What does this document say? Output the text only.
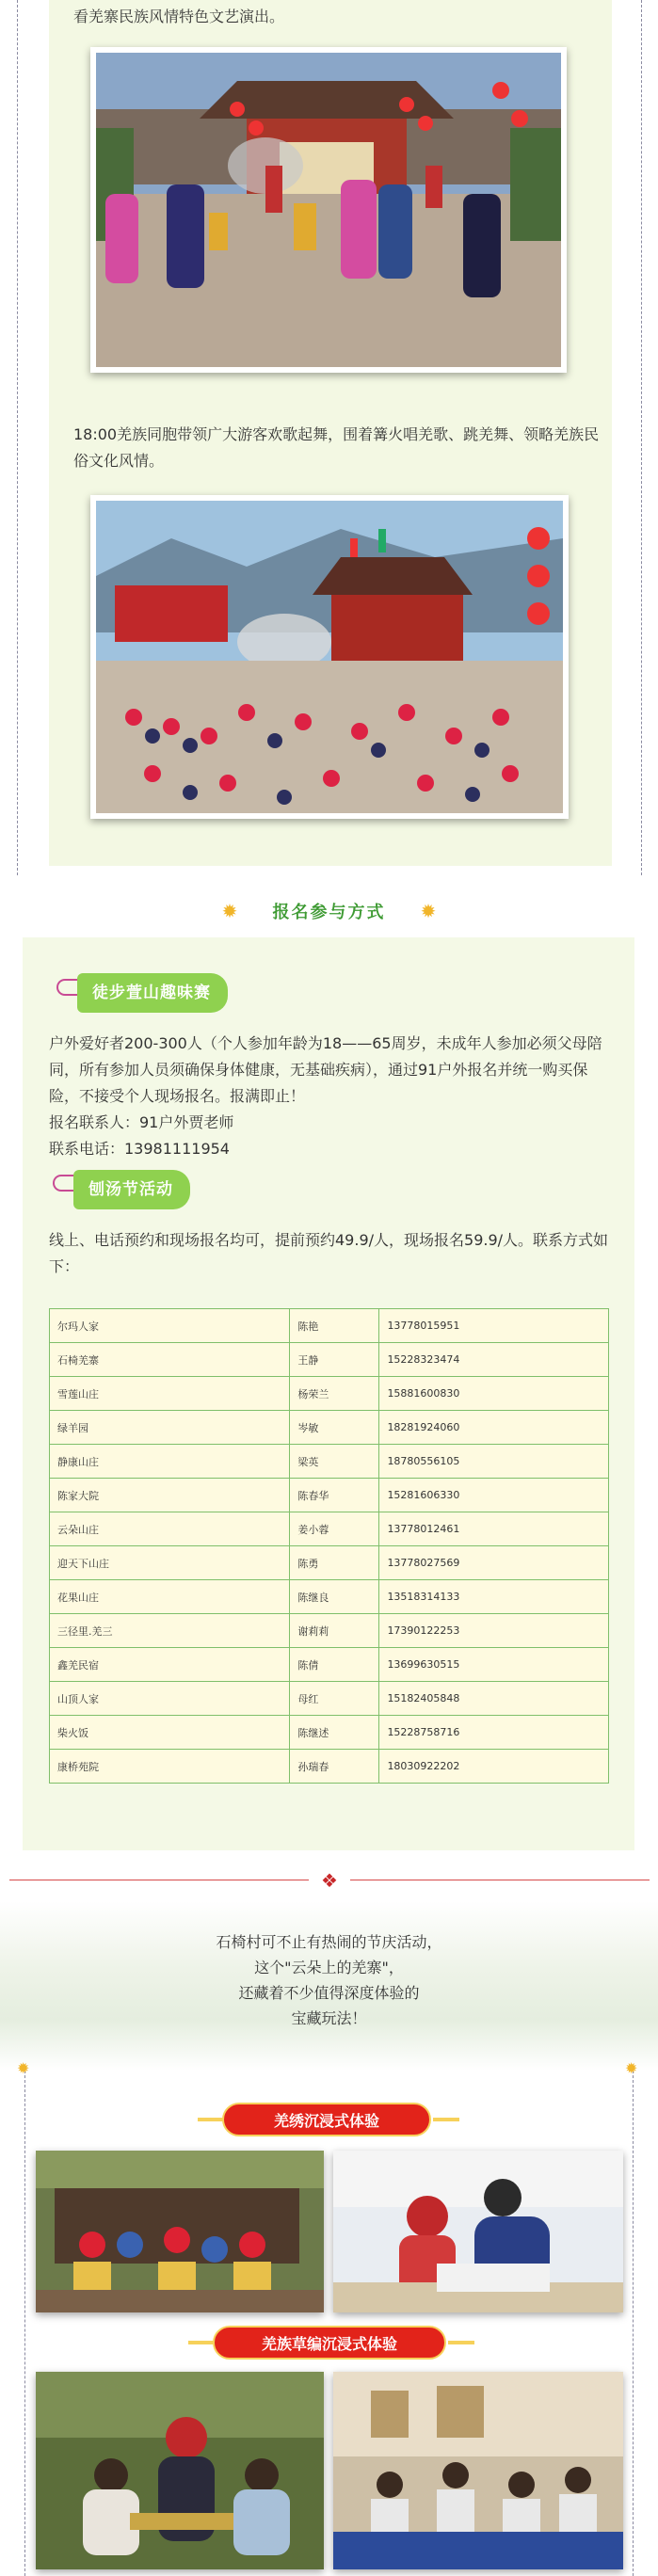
看羌寨民族风情特色文艺演出。
18:00羌族同胞带领广大游客欢歌起舞，围着篝火唱羌歌、跳羌舞、领略羌族民俗文化风情。
✹ 报名参与方式 ✹
徒步萱山趣味赛
户外爱好者200-300人（个人参加年龄为18——65周岁，未成年人参加必须父母陪同，所有参加人员须确保身体健康，无基础疾病），通过91户外报名并统一购买保险，不接受个人现场报名。报满即止！
报名联系人：91户外贾老师
联系电话：13981111954
刨汤节活动
线上、电话预约和现场报名均可，提前预约49.9/人，现场报名59.9/人。联系方式如下：
尔玛人家	陈艳	13778015951
石椅羌寨	王静	15228323474
雪莲山庄	杨荣兰	15881600830
绿羊园	岑敏	18281924060
静康山庄	梁英	18780556105
陈家大院	陈春华	15281606330
云朵山庄	姜小蓉	13778012461
迎天下山庄	陈勇	13778027569
花果山庄	陈继良	13518314133
三径里.羌三	谢莉莉	17390122253
鑫羌民宿	陈倩	13699630515
山顶人家	母红	15182405848
柴火饭	陈继述	15228758716
康桥苑院	孙瑞春	18030922202
❖
石椅村可不止有热闹的节庆活动，
这个"云朵上的羌寨"，
还藏着不少值得深度体验的
宝藏玩法！
✹	✹
羌绣沉浸式体验
羌族草编沉浸式体验
